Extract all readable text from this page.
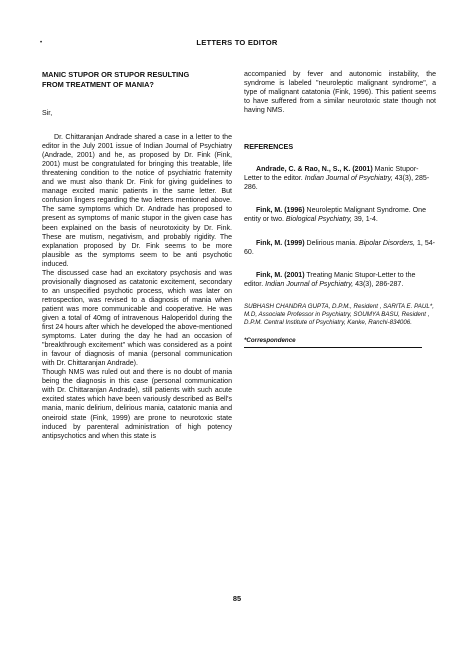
•	LETTERS TO EDITOR

MANIC STUPOR OR STUPOR RESULTING

FROM TREATMENT OF MANIA?

Sir,

Dr. Chittaranjan Andrade shared a case in a letter to the editor in the July 2001 issue of Indian Journal of Psychiatry (Andrade, 2001) and he, as proposed by Dr. Fink (Fink, 2001) must be congratulated for bringing this treatable, life threatening condition to the notice of psychiatric fraternity and we must also thank Dr. Fink for giving guidelines to manage excited manic patients in the same letter. But confusion lingers regarding the two letters mentioned above. The same symptoms which Dr. Andrade has proposed to present as symptoms of manic stupor in the given case has been explained on the basis of neurotoxicity by Dr. Fink. These are mutism, negativism, and probably rigidity. The explanation proposed by Dr. Fink seems to be more plausible as the symptoms seem to be anti psychotic induced.

The discussed case had an excitatory psychosis and was provisionally diagnosed as catatonic excitement, secondary to an unspecified psychotic process, which was later on retrospection, was revised to a diagnosis of mania when patient was more communicable and cooperative. He was given a total of 40mg of intravenous Haloperidol during the first 24 hours after which he developed the above-mentioned symptoms. Later during the day he had an occasion of "breakthrough excitement" which was considered as a point in favour of diagnosis of mania (personal communication with Dr. Chittaranjan Andrade).

Though NMS was ruled out and there is no doubt of mania being the diagnosis in this case (personal communication with Dr. Chittaranjan Andrade), still patients with such acute excited states which have been variously described as Bell's mania, manic delirium, delirious mania, catatonic mania and oneiroid state (Fink, 1999) are prone to neurotoxic state induced by parenteral administration of high potency antipsychotics and when this state is

accompanied by fever and autonomic instability, the syndrome is labeled "neuroleptic malignant syndrome", a type of malignant catatonia (Fink, 1996). This patient seems to have suffered from a similar neurotoxic state though not having NMS.

REFERENCES

Andrade, C. & Rao, N., S., K. (2001) Manic Stupor-Letter to the editor. Indian Journal of Psychiatry, 43(3), 285-286.

Fink, M. (1996) Neuroleptic Malignant Syndrome. One entity or two. Biological Psychiatry, 39, 1-4.

Fink, M. (1999) Delirious mania. Bipolar Disorders, 1, 54-60.

Fink, M. (2001) Treating Manic Stupor-Letter to the editor. Indian Journal of Psychiatry, 43(3), 286-287.

SUBHASH CHANDRA GUPTA, D.P.M., Resident , SARITA E. PAUL*, M.D, Associate Professor in Psychiatry, SOUMYA BASU, Resident , D.P.M. Central Institute of Psychiatry, Kanke, Ranchi-834006.

*Correspondence

85
